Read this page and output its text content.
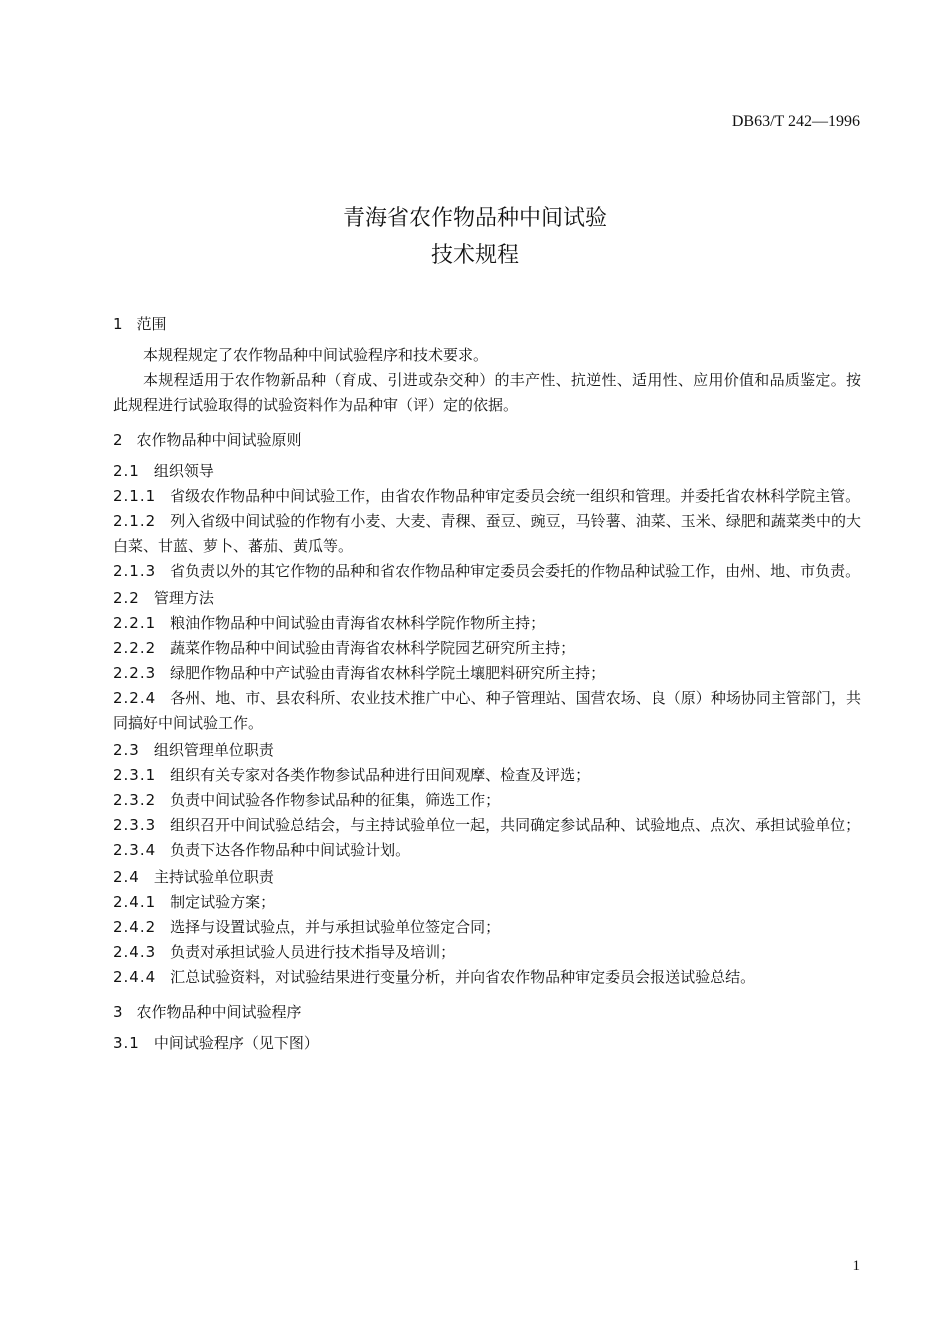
DB63/T 242—1996
青海省农作物品种中间试验
技术规程
1 范围
本规程规定了农作物品种中间试验程序和技术要求。
本规程适用于农作物新品种（育成、引进或杂交种）的丰产性、抗逆性、适用性、应用价值和品质鉴定。按此规程进行试验取得的试验资料作为品种审（评）定的依据。
2 农作物品种中间试验原则
2.1 组织领导
2.1.1 省级农作物品种中间试验工作，由省农作物品种审定委员会统一组织和管理。并委托省农林科学院主管。
2.1.2 列入省级中间试验的作物有小麦、大麦、青稞、蚕豆、豌豆，马铃薯、油菜、玉米、绿肥和蔬菜类中的大白菜、甘蓝、萝卜、蕃茄、黄瓜等。
2.1.3 省负责以外的其它作物的品种和省农作物品种审定委员会委托的作物品种试验工作，由州、地、市负责。
2.2 管理方法
2.2.1 粮油作物品种中间试验由青海省农林科学院作物所主持；
2.2.2 蔬菜作物品种中间试验由青海省农林科学院园艺研究所主持；
2.2.3 绿肥作物品种中产试验由青海省农林科学院土壤肥料研究所主持；
2.2.4 各州、地、市、县农科所、农业技术推广中心、种子管理站、国营农场、良（原）种场协同主管部门，共同搞好中间试验工作。
2.3 组织管理单位职责
2.3.1 组织有关专家对各类作物参试品种进行田间观摩、检查及评选；
2.3.2 负责中间试验各作物参试品种的征集，筛选工作；
2.3.3 组织召开中间试验总结会，与主持试验单位一起，共同确定参试品种、试验地点、点次、承担试验单位；
2.3.4 负责下达各作物品种中间试验计划。
2.4 主持试验单位职责
2.4.1 制定试验方案；
2.4.2 选择与设置试验点，并与承担试验单位签定合同；
2.4.3 负责对承担试验人员进行技术指导及培训；
2.4.4 汇总试验资料，对试验结果进行变量分析，并向省农作物品种审定委员会报送试验总结。
3 农作物品种中间试验程序
3.1 中间试验程序（见下图）
1
